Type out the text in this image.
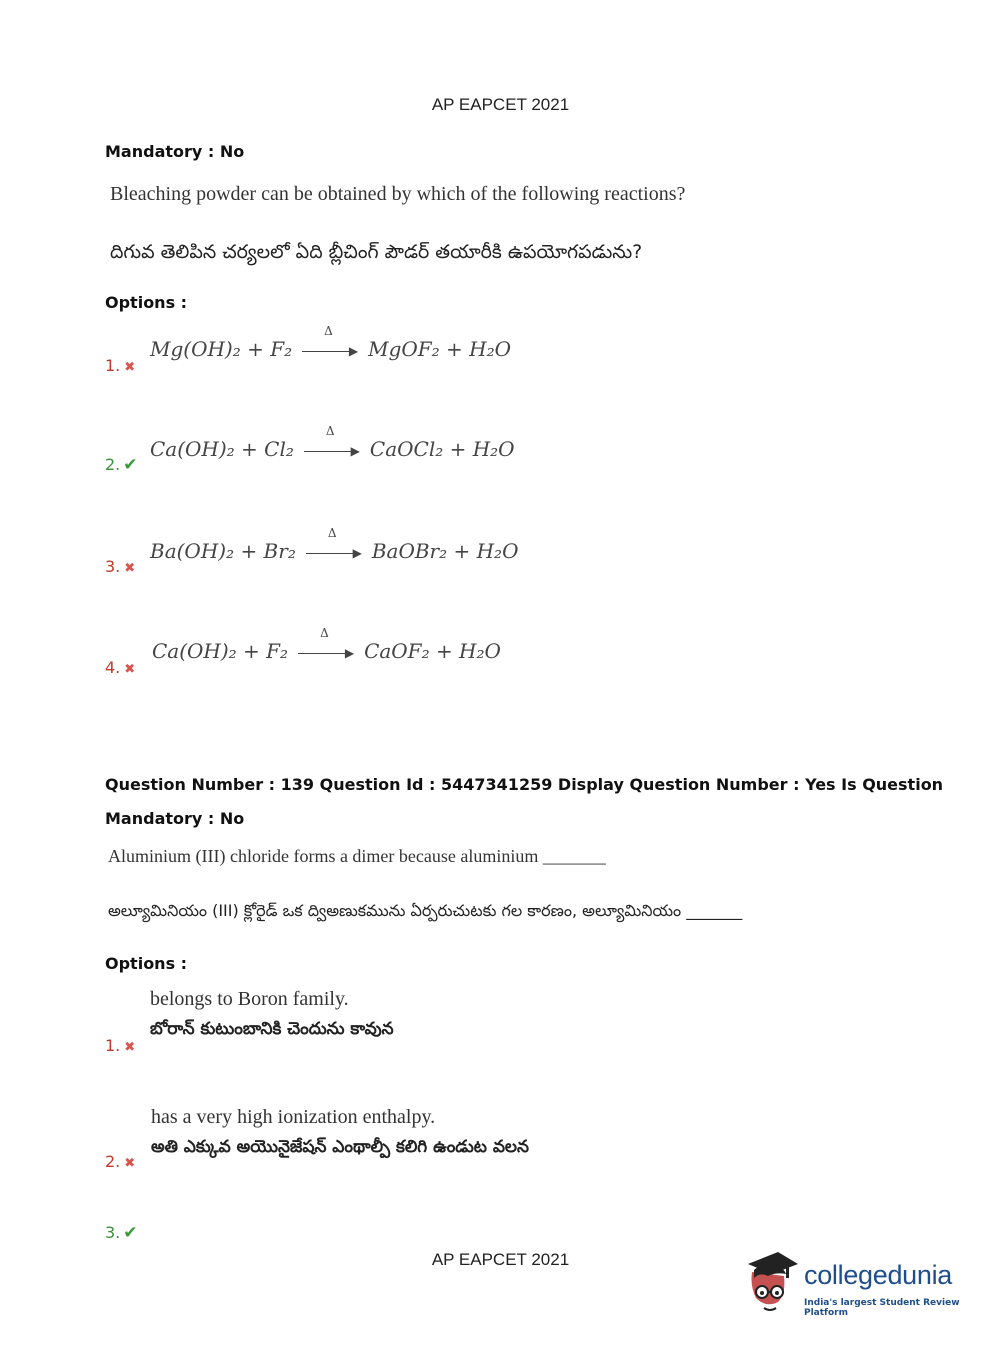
AP EAPCET 2021
Mandatory : No
Bleaching powder can be obtained by which of the following reactions?
దిగువ తెలిపిన చర్యలలో ఏది బ్లీచింగ్ పౌడర్ తయారీకి ఉపయోగపడును?
Options :
Mg(OH)₂ + F₂
Δ
▶ MgOF₂ + H₂O
1. ✖
Ca(OH)₂ + Cl₂
Δ
▶ CaOCl₂ + H₂O
2. ✔
Ba(OH)₂ + Br₂
Δ
▶ BaOBr₂ + H₂O
3. ✖
Ca(OH)₂ + F₂
Δ
▶ CaOF₂ + H₂O
4. ✖
Question Number : 139 Question Id : 5447341259 Display Question Number : Yes Is Question
Mandatory : No
Aluminium (III) chloride forms a dimer because aluminium _______
అల్యూమినియం (III) క్లోరైడ్ ఒక ద్విఅణుకమును ఏర్పరుచుటకు గల కారణం, అల్యూమినియం _______
Options :
belongs to Boron family.
బోరాన్ కుటుంబానికి చెందును కావున
1. ✖
has a very high ionization enthalpy.
అతి ఎక్కువ అయొనైజేషన్ ఎంథాల్పీ కలిగి ఉండుట వలన
2. ✖
3. ✔
AP EAPCET 2021
collegedunia
India's largest Student Review Platform
